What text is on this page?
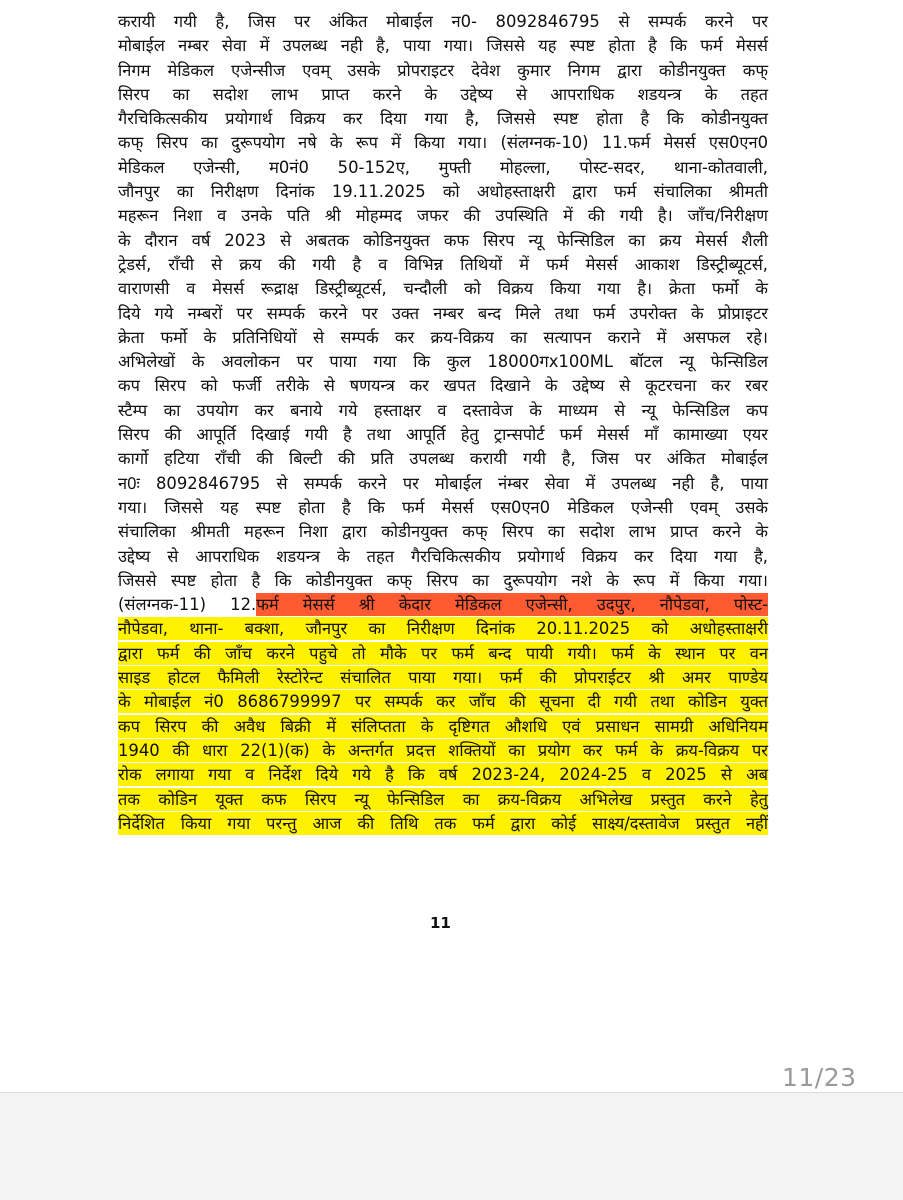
करायी गयी है, जिस पर अंकित मोबाईल न0- 8092846795 से सम्पर्क करने पर
मोबाईल नम्बर सेवा में उपलब्ध नही है, पाया गया। जिससे यह स्पष्ट होता है कि फर्म मेसर्स
निगम मेडिकल एजेन्सीज एवम् उसके प्रोपराइटर देवेश कुमार निगम द्वारा कोडीनयुक्त कफ्
सिरप का सदोश लाभ प्राप्त करने के उद्देष्य से आपराधिक शडयन्त्र के तहत
गैरचिकित्सकीय प्रयोगार्थ विक्रय कर दिया गया है, जिससे स्पष्ट होता है कि कोडीनयुक्त
कफ् सिरप का दुरूपयोग नषे के रूप में किया गया। (संलग्नक-10) 11.फर्म मेसर्स एस0एन0
मेडिकल एजेन्सी, म0नं0 50-152ए, मुफ्ती मोहल्ला, पोस्ट-सदर, थाना-कोतवाली,
जौनपुर का निरीक्षण दिनांक 19.11.2025 को अधोहस्ताक्षरी द्वारा फर्म संचालिका श्रीमती
महरून निशा व उनके पति श्री मोहम्मद जफर की उपस्थिति में की गयी है। जाँच/निरीक्षण
के दौरान वर्ष 2023 से अबतक कोडिनयुक्त कफ सिरप न्यू फेन्सिडिल का क्रय मेसर्स शैली
ट्रेडर्स, राँची से क्रय की गयी है व विभिन्न तिथियों में फर्म मेसर्स आकाश डिस्ट्रीब्यूटर्स,
वाराणसी व मेसर्स रूद्राक्ष डिस्ट्रीब्यूटर्स, चन्दौली को विक्रय किया गया है। क्रेता फर्मो के
दिये गये नम्बरों पर सम्पर्क करने पर उक्त नम्बर बन्द मिले तथा फर्म उपरोक्त के प्रोप्राइटर
क्रेता फर्मो के प्रतिनिधियों से सम्पर्क कर क्रय-विक्रय का सत्यापन कराने में असफल रहे।
अभिलेखों के अवलोकन पर पाया गया कि कुल 18000गx100ML बॉटल न्यू फेन्सिडिल
कप सिरप को फर्जी तरीके से षणयन्त्र कर खपत दिखाने के उद्देष्य से कूटरचना कर रबर
स्टैम्प का उपयोग कर बनाये गये हस्ताक्षर व दस्तावेज के माध्यम से न्यू फेन्सिडिल कप
सिरप की आपूर्ति दिखाई गयी है तथा आपूर्ति हेतु ट्रान्सपोर्ट फर्म मेसर्स माँ कामाख्या एयर
कार्गो हटिया राँची की बिल्टी की प्रति उपलब्ध करायी गयी है, जिस पर अंकित मोबाईल
न0ः 8092846795 से सम्पर्क करने पर मोबाईल नंम्बर सेवा में उपलब्ध नही है, पाया
गया। जिससे यह स्पष्ट होता है कि फर्म मेसर्स एस0एन0 मेडिकल एजेन्सी एवम् उसके
संचालिका श्रीमती महरून निशा द्वारा कोडीनयुक्त कफ् सिरप का सदोश लाभ प्राप्त करने के
उद्देष्य से आपराधिक शडयन्त्र के तहत गैरचिकित्सकीय प्रयोगार्थ विक्रय कर दिया गया है,
जिससे स्पष्ट होता है कि कोडीनयुक्त कफ् सिरप का दुरूपयोग नशे के रूप में किया गया।
(संलग्नक-11) 12.फर्म मेसर्स श्री केदार मेडिकल एजेन्सी, उदपुर, नौपेडवा, पोस्ट-
नौपेडवा, थाना- बक्शा, जौनपुर का निरीक्षण दिनांक 20.11.2025 को अधोहस्ताक्षरी
द्वारा फर्म की जाँच करने पहुचे तो मौके पर फर्म बन्द पायी गयी। फर्म के स्थान पर वन
साइड होटल फैमिली रेस्टोरेन्ट संचालित पाया गया। फर्म की प्रोपराईटर श्री अमर पाण्डेय
के मोबाईल नं0 8686799997 पर सम्पर्क कर जाँच की सूचना दी गयी तथा कोडिन युक्त
कप सिरप की अवैध बिक्री में संलिप्तता के दृष्टिगत औशधि एवं प्रसाधन सामग्री अधिनियम
1940 की धारा 22(1)(क) के अन्तर्गत प्रदत्त शक्तियों का प्रयोग कर फर्म के क्रय-विक्रय पर
रोक लगाया गया व निर्देश दिये गये है कि वर्ष 2023-24, 2024-25 व 2025 से अब
तक कोडिन यूक्त कफ सिरप न्यू फेन्सिडिल का क्रय-विक्रय अभिलेख प्रस्तुत करने हेतु
निर्देशित किया गया परन्तु आज की तिथि तक फर्म द्वारा कोई साक्ष्य/दस्तावेज प्रस्तुत नहीं
11
11/23
